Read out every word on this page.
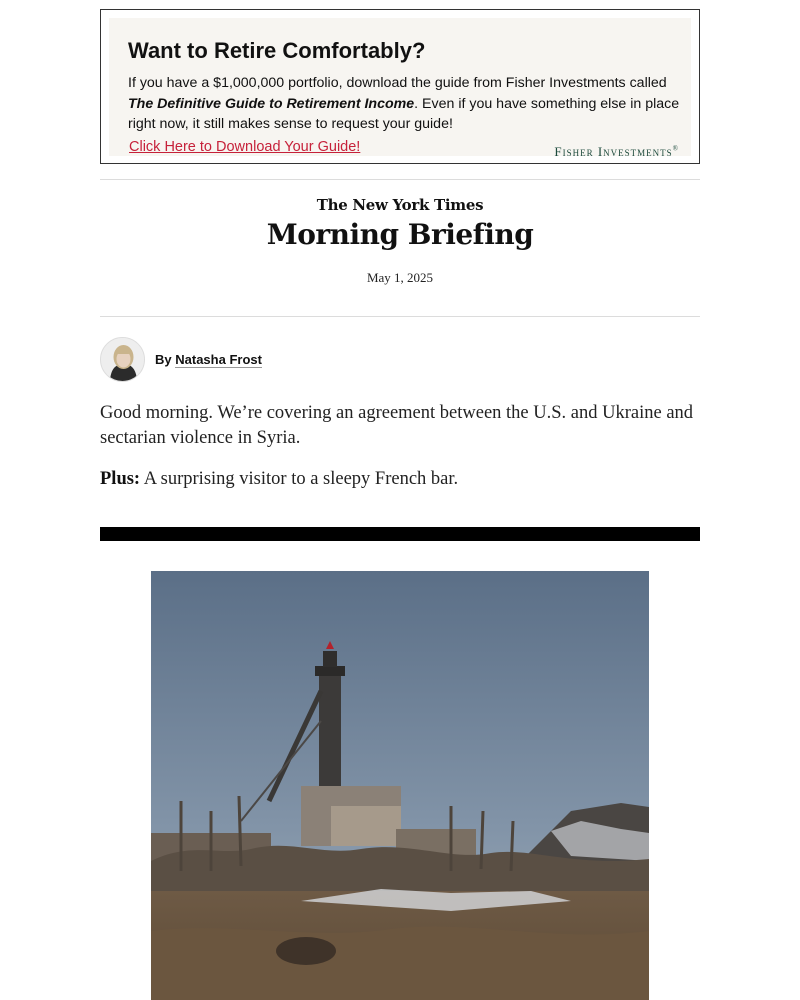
Want to Retire Comfortably?
If you have a $1,000,000 portfolio, download the guide from Fisher Investments called The Definitive Guide to Retirement Income. Even if you have something else in place right now, it still makes sense to request your guide!
Click Here to Download Your Guide!	Fisher Investments®
The New York Times
Morning Briefing
May 1, 2025
By Natasha Frost

Good morning. We’re covering an agreement between the U.S. and Ukraine and sectarian violence in Syria.

Plus: A surprising visitor to a sleepy French bar.
